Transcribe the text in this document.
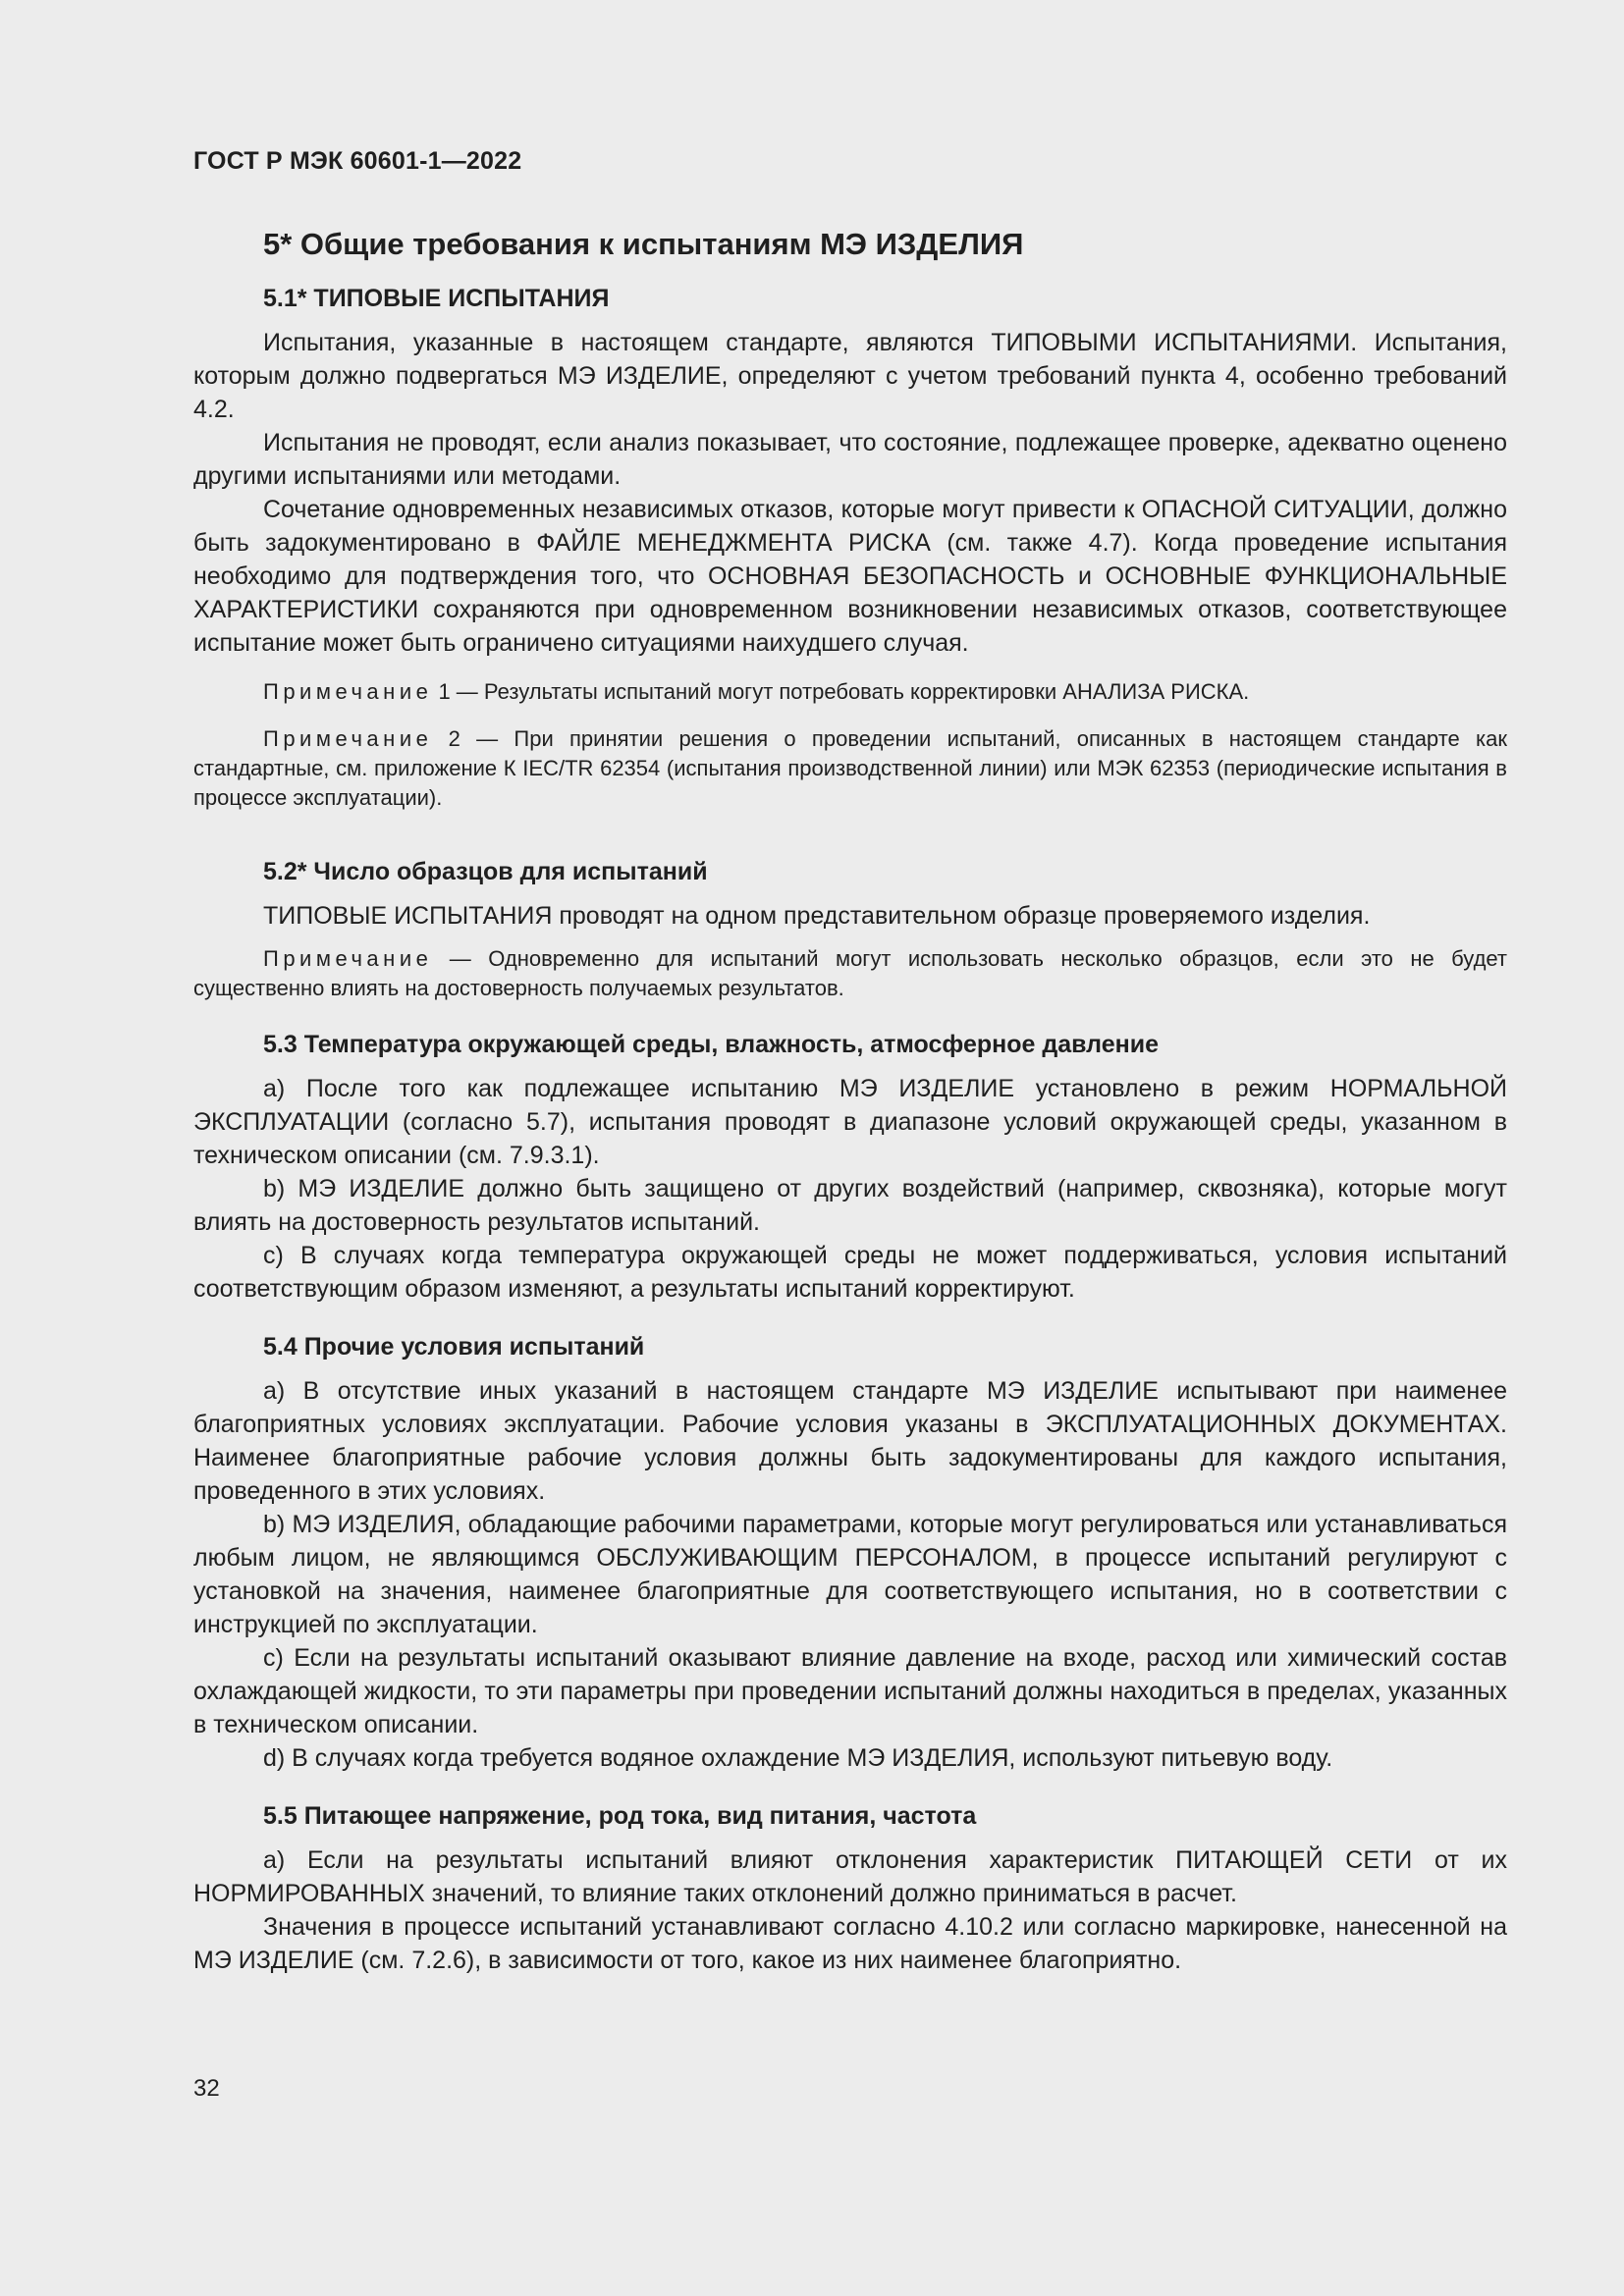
ГОСТ Р МЭК 60601-1—2022
5* Общие требования к испытаниям МЭ ИЗДЕЛИЯ
5.1* ТИПОВЫЕ ИСПЫТАНИЯ

Испытания, указанные в настоящем стандарте, являются ТИПОВЫМИ ИСПЫТАНИЯМИ. Испытания, которым должно подвергаться МЭ ИЗДЕЛИЕ, определяют с учетом требований пункта 4, особенно требований 4.2.

Испытания не проводят, если анализ показывает, что состояние, подлежащее проверке, адекватно оценено другими испытаниями или методами.

Сочетание одновременных независимых отказов, которые могут привести к ОПАСНОЙ СИТУАЦИИ, должно быть задокументировано в ФАЙЛЕ МЕНЕДЖМЕНТА РИСКА (см. также 4.7). Когда проведение испытания необходимо для подтверждения того, что ОСНОВНАЯ БЕЗОПАСНОСТЬ и ОСНОВНЫЕ ФУНКЦИОНАЛЬНЫЕ ХАРАКТЕРИСТИКИ сохраняются при одновременном возникновении независимых отказов, соответствующее испытание может быть ограничено ситуациями наихудшего случая.

Примечание 1 — Результаты испытаний могут потребовать корректировки АНАЛИЗА РИСКА.

Примечание 2 — При принятии решения о проведении испытаний, описанных в настоящем стандарте как стандартные, см. приложение К IEC/TR 62354 (испытания производственной линии) или МЭК 62353 (периодические испытания в процессе эксплуатации).

5.2* Число образцов для испытаний

ТИПОВЫЕ ИСПЫТАНИЯ проводят на одном представительном образце проверяемого изделия.

Примечание — Одновременно для испытаний могут использовать несколько образцов, если это не будет существенно влиять на достоверность получаемых результатов.

5.3 Температура окружающей среды, влажность, атмосферное давление

а) После того как подлежащее испытанию МЭ ИЗДЕЛИЕ установлено в режим НОРМАЛЬНОЙ ЭКСПЛУАТАЦИИ (согласно 5.7), испытания проводят в диапазоне условий окружающей среды, указанном в техническом описании (см. 7.9.3.1).

b) МЭ ИЗДЕЛИЕ должно быть защищено от других воздействий (например, сквозняка), которые могут влиять на достоверность результатов испытаний.

c) В случаях когда температура окружающей среды не может поддерживаться, условия испытаний соответствующим образом изменяют, а результаты испытаний корректируют.

5.4 Прочие условия испытаний

а) В отсутствие иных указаний в настоящем стандарте МЭ ИЗДЕЛИЕ испытывают при наименее благоприятных условиях эксплуатации. Рабочие условия указаны в ЭКСПЛУАТАЦИОННЫХ ДОКУМЕНТАХ. Наименее благоприятные рабочие условия должны быть задокументированы для каждого испытания, проведенного в этих условиях.

b) МЭ ИЗДЕЛИЯ, обладающие рабочими параметрами, которые могут регулироваться или устанавливаться любым лицом, не являющимся ОБСЛУЖИВАЮЩИМ ПЕРСОНАЛОМ, в процессе испытаний регулируют с установкой на значения, наименее благоприятные для соответствующего испытания, но в соответствии с инструкцией по эксплуатации.

c) Если на результаты испытаний оказывают влияние давление на входе, расход или химический состав охлаждающей жидкости, то эти параметры при проведении испытаний должны находиться в пределах, указанных в техническом описании.

d) В случаях когда требуется водяное охлаждение МЭ ИЗДЕЛИЯ, используют питьевую воду.

5.5 Питающее напряжение, род тока, вид питания, частота

а) Если на результаты испытаний влияют отклонения характеристик ПИТАЮЩЕЙ СЕТИ от их НОРМИРОВАННЫХ значений, то влияние таких отклонений должно приниматься в расчет.

Значения в процессе испытаний устанавливают согласно 4.10.2 или согласно маркировке, нанесенной на МЭ ИЗДЕЛИЕ (см. 7.2.6), в зависимости от того, какое из них наименее благоприятно.

32
